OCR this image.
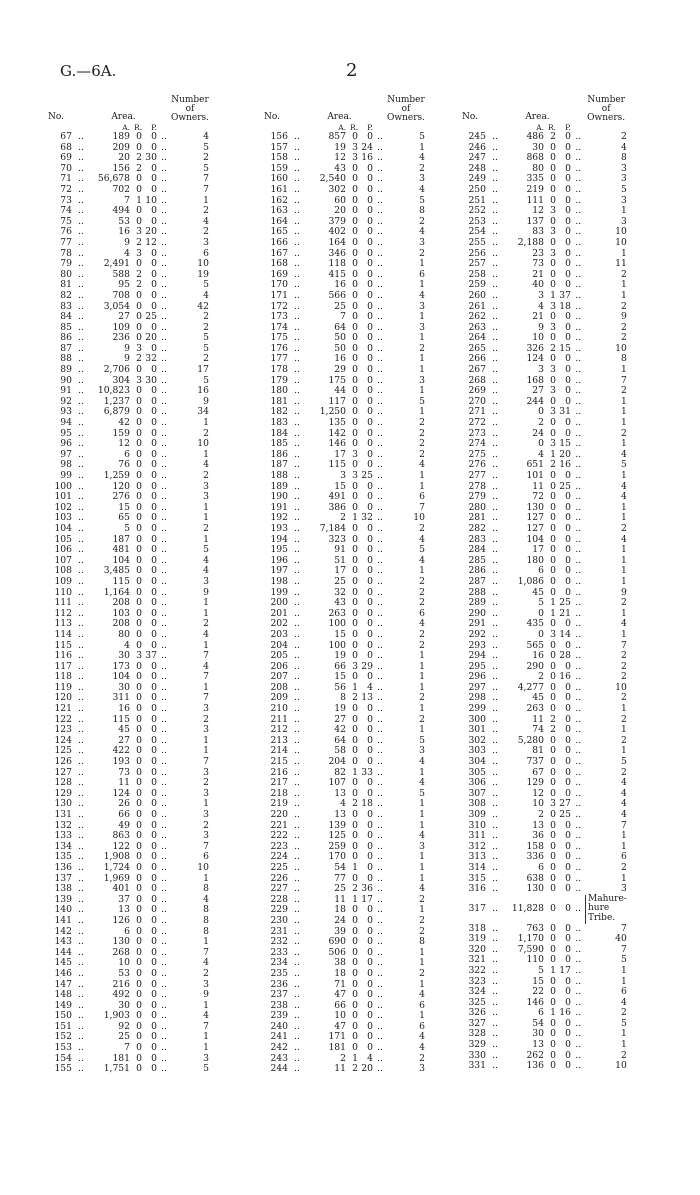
G.—6A.	2
No.		Area.				Number
of Owners.
		A.	R.	P.		
67	..	189	0	0	..	4
68	..	209	0	0	..	5
69	..	20	2	30	..	2
70	..	156	2	0	..	5
71	..	56,678	0	0	..	7
72	..	702	0	0	..	7
73	..	7	1	10	..	1
74	..	494	0	0	..	2
75	..	53	0	0	..	4
76	..	16	3	20	..	2
77	..	9	2	12	..	3
78	..	4	3	0	..	6
79	..	2,491	0	0	..	10
80	..	588	2	0	..	19
81	..	95	2	0	..	5
82	..	708	0	0	..	4
83	..	3,054	0	0	..	42
84	..	27	0	25	..	2
85	..	109	0	0	..	2
86	..	236	0	20	..	5
87	..	9	3	0	..	5
88	..	9	2	32	..	2
89	..	2,706	0	0	..	17
90	..	304	3	30	..	5
91	..	10,823	0	0	..	16
92	..	1,237	0	0	..	9
93	..	6,879	0	0	..	34
94	..	42	0	0	..	1
95	..	159	0	0	..	2
96	..	12	0	0	..	10
97	..	6	0	0	..	1
98	..	76	0	0	..	4
99	..	1,259	0	0	..	2
100	..	120	0	0	..	3
101	..	276	0	0	..	3
102	..	15	0	0	..	1
103	..	65	0	0	..	1
104	..	5	0	0	..	2
105	..	187	0	0	..	1
106	..	481	0	0	..	5
107	..	104	0	0	..	4
108	..	3,485	0	0	..	4
109	..	115	0	0	..	3
110	..	1,164	0	0	..	9
111	..	208	0	0	..	1
112	..	103	0	0	..	1
113	..	208	0	0	..	2
114	..	80	0	0	..	4
115	..	4	0	0	..	1
116	..	30	3	37	..	7
117	..	173	0	0	..	4
118	..	104	0	0	..	7
119	..	30	0	0	..	1
120	..	311	0	0	..	7
121	..	16	0	0	..	3
122	..	115	0	0	..	2
123	..	45	0	0	..	3
124	..	27	0	0	..	1
125	..	422	0	0	..	1
126	..	193	0	0	..	7
127	..	73	0	0	..	3
128	..	11	0	0	..	2
129	..	124	0	0	..	3
130	..	26	0	0	..	1
131	..	66	0	0	..	3
132	..	49	0	0	..	2
133	..	863	0	0	..	3
134	..	122	0	0	..	7
135	..	1,908	0	0	..	6
136	..	1,724	0	0	..	10
137	..	1,969	0	0	..	1
138	..	401	0	0	..	8
139	..	37	0	0	..	4
140	..	13	0	0	..	8
141	..	126	0	0	..	8
142	..	6	0	0	..	8
143	..	130	0	0	..	1
144	..	268	0	0	..	7
145	..	10	0	0	..	4
146	..	53	0	0	..	2
147	..	216	0	0	..	3
148	..	492	0	0	..	9
149	..	30	0	0	..	1
150	..	1,903	0	0	..	4
151	..	92	0	0	..	7
152	..	25	0	0	..	1
153	..	7	0	0	..	1
154	..	181	0	0	..	3
155	..	1,751	0	0	..	5
No.		Area.				Number
of Owners.
		A.	R.	P.		
156	..	857	0	0	..	5
157	..	19	3	24	..	1
158	..	12	3	16	..	4
159	..	43	0	0	..	2
160	..	2,540	0	0	..	3
161	..	302	0	0	..	4
162	..	60	0	0	..	5
163	..	20	0	0	..	8
164	..	379	0	0	..	2
165	..	402	0	0	..	4
166	..	164	0	0	..	3
167	..	346	0	0	..	2
168	..	118	0	0	..	1
169	..	415	0	0	..	6
170	..	16	0	0	..	1
171	..	566	0	0	..	4
172	..	25	0	0	..	3
173	..	7	0	0	..	1
174	..	64	0	0	..	3
175	..	50	0	0	..	1
176	..	50	0	0	..	2
177	..	16	0	0	..	1
178	..	29	0	0	..	1
179	..	175	0	0	..	3
180	..	44	0	0	..	1
181	..	117	0	0	..	5
182	..	1,250	0	0	..	1
183	..	135	0	0	..	2
184	..	142	0	0	..	2
185	..	146	0	0	..	2
186	..	17	3	0	..	2
187	..	115	0	0	..	4
188	..	3	3	25	..	1
189	..	15	0	0	..	1
190	..	491	0	0	..	6
191	..	386	0	0	..	7
192	..	2	1	32	..	10
193	..	7,184	0	0	..	2
194	..	323	0	0	..	4
195	..	91	0	0	..	5
196	..	51	0	0	..	4
197	..	17	0	0	..	1
198	..	25	0	0	..	2
199	..	32	0	0	..	2
200	..	43	0	0	..	2
201	..	263	0	0	..	6
202	..	100	0	0	..	4
203	..	15	0	0	..	2
204	..	100	0	0	..	2
205	..	19	0	0	..	1
206	..	66	3	29	..	1
207	..	15	0	0	..	1
208	..	56	1	4	..	1
209	..	8	2	13	..	2
210	..	19	0	0	..	1
211	..	27	0	0	..	2
212	..	42	0	0	..	1
213	..	64	0	0	..	5
214	..	58	0	0	..	3
215	..	204	0	0	..	4
216	..	82	1	33	..	1
217	..	107	0	0	..	4
218	..	13	0	0	..	5
219	..	4	2	18	..	1
220	..	13	0	0	..	1
221	..	139	0	0	..	1
222	..	125	0	0	..	4
223	..	259	0	0	..	3
224	..	170	0	0	..	1
225	..	54	1	0	..	1
226	..	77	0	0	..	1
227	..	25	2	36	..	4
228	..	11	1	17	..	2
229	..	18	0	0	..	1
230	..	24	0	0	..	2
231	..	39	0	0	..	2
232	..	690	0	0	..	8
233	..	506	0	0	..	1
234	..	38	0	0	..	1
235	..	18	0	0	..	2
236	..	71	0	0	..	1
237	..	47	0	0	..	4
238	..	66	0	0	..	6
239	..	10	0	0	..	1
240	..	47	0	0	..	6
241	..	171	0	0	..	4
242	..	181	0	0	..	4
243	..	2	1	4	..	2
244	..	11	2	20	..	3
No.		Area.				Number
of Owners.
		A.	R.	P.		
245	..	486	2	0	..	2
246	..	30	0	0	..	4
247	..	868	0	0	..	8
248	..	80	0	0	..	3
249	..	335	0	0	..	3
250	..	219	0	0	..	5
251	..	111	0	0	..	3
252	..	12	3	0	..	1
253	..	137	0	0	..	3
254	..	83	3	0	..	10
255	..	2,188	0	0	..	10
256	..	23	3	0	..	1
257	..	73	0	0	..	11
258	..	21	0	0	..	2
259	..	40	0	0	..	1
260	..	3	1	37	..	1
261	..	4	3	18	..	2
262	..	21	0	0	..	9
263	..	9	3	0	..	2
264	..	10	0	0	..	2
265	..	326	2	15	..	10
266	..	124	0	0	..	8
267	..	3	3	0	..	1
268	..	168	0	0	..	7
269	..	27	3	0	..	2
270	..	244	0	0	..	1
271	..	0	3	31	..	1
272	..	2	0	0	..	1
273	..	24	0	0	..	2
274	..	0	3	15	..	1
275	..	4	1	20	..	4
276	..	651	2	16	..	5
277	..	101	0	0	..	1
278	..	11	0	25	..	4
279	..	72	0	0	..	4
280	..	130	0	0	..	1
281	..	127	0	0	..	1
282	..	127	0	0	..	2
283	..	104	0	0	..	4
284	..	17	0	0	..	1
285	..	180	0	0	..	1
286	..	6	0	0	..	1
287	..	1,086	0	0	..	1
288	..	45	0	0	..	9
289	..	5	1	25	..	2
290	..	0	1	21	..	1
291	..	435	0	0	..	4
292	..	0	3	14	..	1
293	..	565	0	0	..	7
294	..	16	0	28	..	2
295	..	290	0	0	..	2
296	..	2	0	16	..	2
297	..	4,277	0	0	..	10
298	..	45	0	0	..	2
299	..	263	0	0	..	1
300	..	11	2	0	..	2
301	..	74	2	0	..	1
302	..	5,280	0	0	..	2
303	..	81	0	0	..	1
304	..	737	0	0	..	5
305	..	67	0	0	..	2
306	..	129	0	0	..	4
307	..	12	0	0	..	4
308	..	10	3	27	..	4
309	..	2	0	25	..	4
310	..	13	0	0	..	7
311	..	36	0	0	..	1
312	..	158	0	0	..	1
313	..	336	0	0	..	6
314	..	6	0	0	..	2
315	..	638	0	0	..	1
316	..	130	0	0	..	3
317	..	11,828	0	0	..	Mahure-
hure
Tribe.

318	..	763	0	0	..	7
319	..	1,170	0	0	..	40
320	..	7,590	0	0	..	7
321	..	110	0	0	..	5
322	..	5	1	17	..	1
323	..	15	0	0	..	1
324	..	22	0	0	..	6
325	..	146	0	0	..	4
326	..	6	1	16	..	2
327	..	54	0	0	..	5
328	..	30	0	0	..	1
329	..	13	0	0	..	1
330	..	262	0	0	..	2
331	..	136	0	0	..	10
